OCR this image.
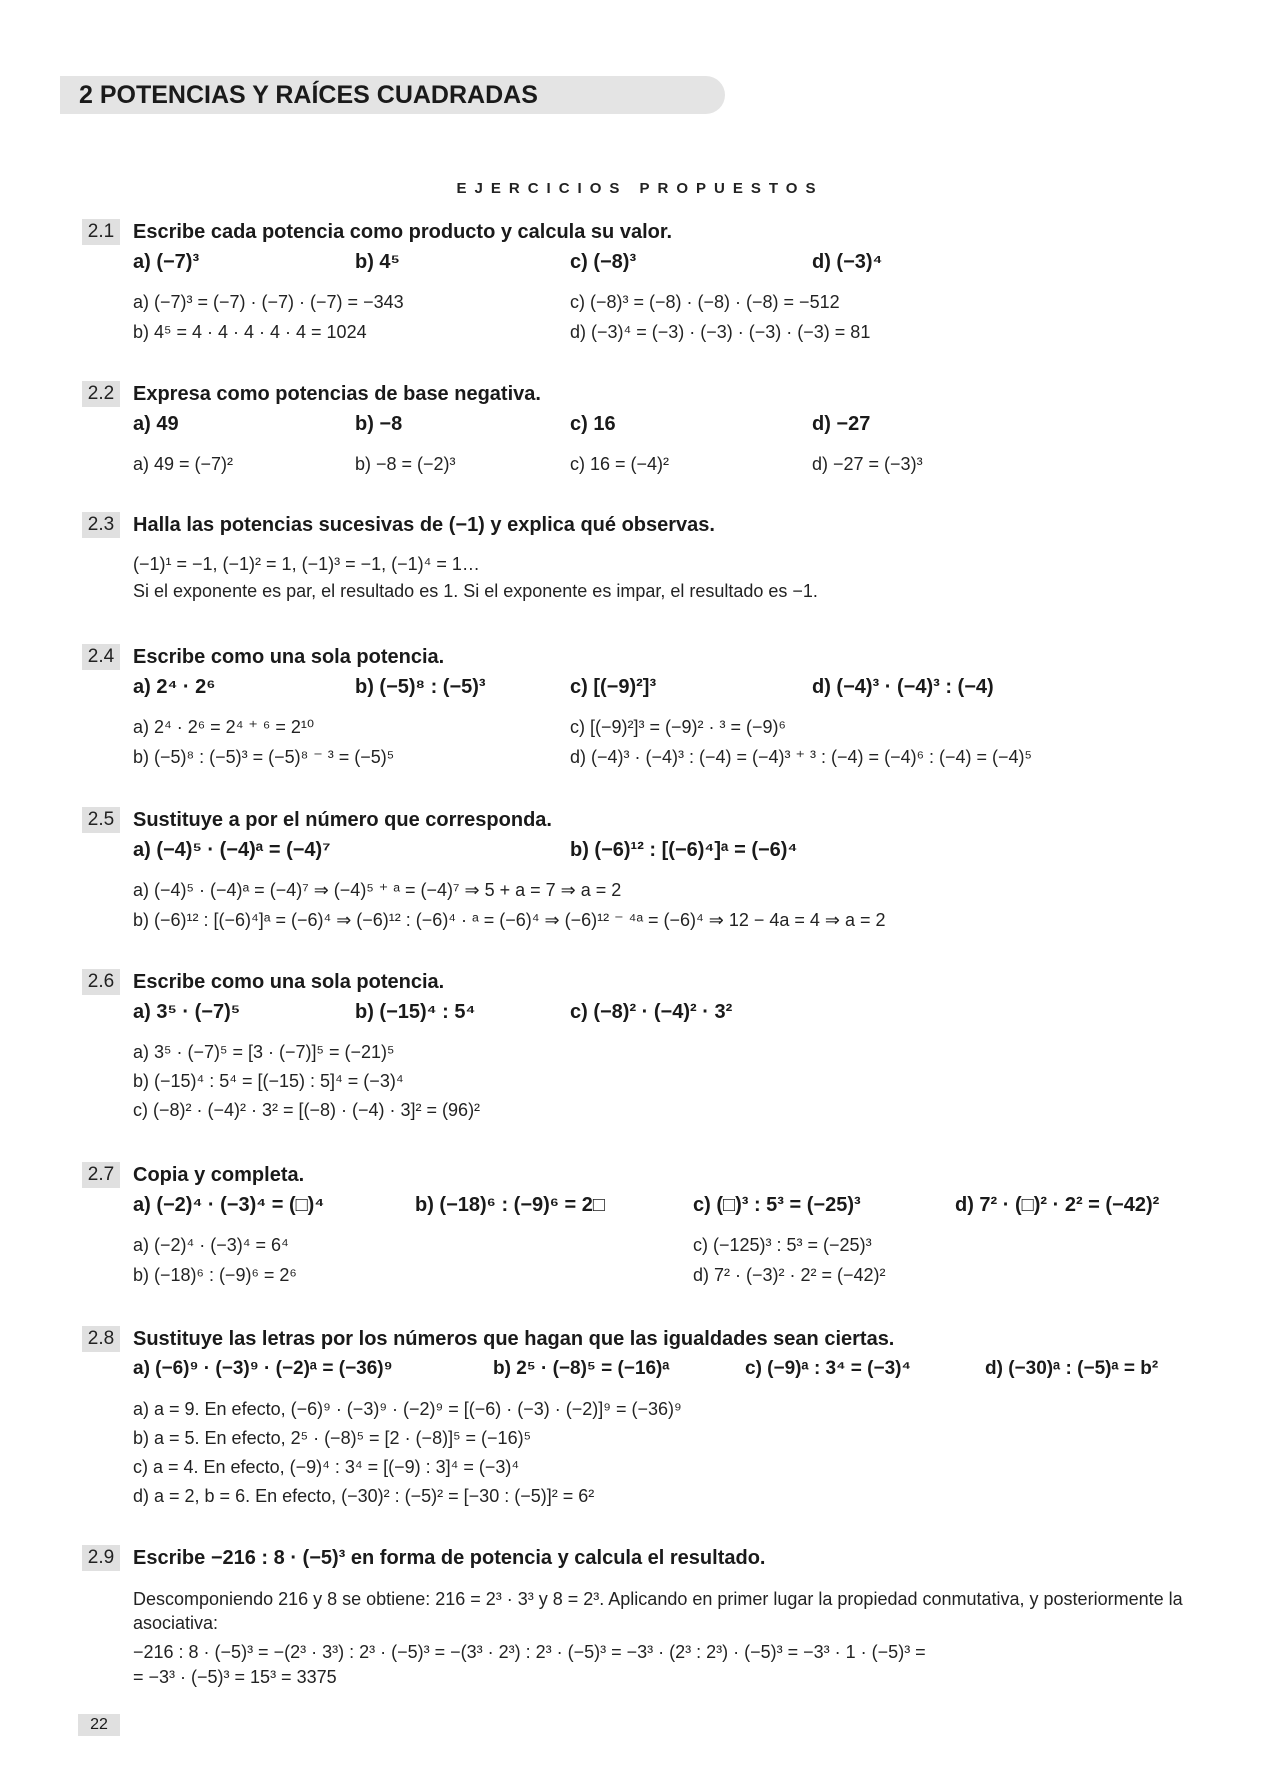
2 POTENCIAS Y RAÍCES CUADRADAS
EJERCICIOS PROPUESTOS
2.1 Escribe cada potencia como producto y calcula su valor.
a) (−7)³	b) 4⁵	c) (−8)³	d) (−3)⁴
a) (−7)³ = (−7) · (−7) · (−7) = −343	c) (−8)³ = (−8) · (−8) · (−8) = −512
b) 4⁵ = 4 · 4 · 4 · 4 · 4 = 1024	d) (−3)⁴ = (−3) · (−3) · (−3) · (−3) = 81
2.2 Expresa como potencias de base negativa.
a) 49	b) −8	c) 16	d) −27
a) 49 = (−7)²	b) −8 = (−2)³	c) 16 = (−4)²	d) −27 = (−3)³
2.3 Halla las potencias sucesivas de (−1) y explica qué observas.
(−1)¹ = −1, (−1)² = 1, (−1)³ = −1, (−1)⁴ = 1…
Si el exponente es par, el resultado es 1. Si el exponente es impar, el resultado es −1.
2.4 Escribe como una sola potencia.
a) 2⁴ · 2⁶	b) (−5)⁸ : (−5)³	c) [(−9)²]³	d) (−4)³ · (−4)³ : (−4)
a) 2⁴ · 2⁶ = 2⁴ ⁺ ⁶ = 2¹⁰	c) [(−9)²]³ = (−9)² · ³ = (−9)⁶
b) (−5)⁸ : (−5)³ = (−5)⁸ ⁻ ³ = (−5)⁵	d) (−4)³ · (−4)³ : (−4) = (−4)³ ⁺ ³ : (−4) = (−4)⁶ : (−4) = (−4)⁵
2.5 Sustituye a por el número que corresponda.
a) (−4)⁵ · (−4)ᵃ = (−4)⁷	b) (−6)¹² : [(−6)⁴]ᵃ = (−6)⁴
a) (−4)⁵ · (−4)ᵃ = (−4)⁷ ⇒ (−4)⁵ ⁺ ᵃ = (−4)⁷ ⇒ 5 + a = 7 ⇒ a = 2
b) (−6)¹² : [(−6)⁴]ᵃ = (−6)⁴ ⇒ (−6)¹² : (−6)⁴ · ᵃ = (−6)⁴ ⇒ (−6)¹² ⁻ ⁴ᵃ = (−6)⁴ ⇒ 12 − 4a = 4 ⇒ a = 2
2.6 Escribe como una sola potencia.
a) 3⁵ · (−7)⁵	b) (−15)⁴ : 5⁴	c) (−8)² · (−4)² · 3²
a) 3⁵ · (−7)⁵ = [3 · (−7)]⁵ = (−21)⁵
b) (−15)⁴ : 5⁴ = [(−15) : 5]⁴ = (−3)⁴
c) (−8)² · (−4)² · 3² = [(−8) · (−4) · 3]² = (96)²
2.7 Copia y completa.
a) (−2)⁴ · (−3)⁴ = (□)⁴	b) (−18)⁶ : (−9)⁶ = 2□	c) (□)³ : 5³ = (−25)³	d) 7² · (□)² · 2² = (−42)²
a) (−2)⁴ · (−3)⁴ = 6⁴	c) (−125)³ : 5³ = (−25)³
b) (−18)⁶ : (−9)⁶ = 2⁶	d) 7² · (−3)² · 2² = (−42)²
2.8 Sustituye las letras por los números que hagan que las igualdades sean ciertas.
a) (−6)⁹ · (−3)⁹ · (−2)ᵃ = (−36)⁹	b) 2⁵ · (−8)⁵ = (−16)ᵃ	c) (−9)ᵃ : 3⁴ = (−3)⁴	d) (−30)ᵃ : (−5)ᵃ = b²
a) a = 9. En efecto, (−6)⁹ · (−3)⁹ · (−2)⁹ = [(−6) · (−3) · (−2)]⁹ = (−36)⁹
b) a = 5. En efecto, 2⁵ · (−8)⁵ = [2 · (−8)]⁵ = (−16)⁵
c) a = 4. En efecto, (−9)⁴ : 3⁴ = [(−9) : 3]⁴ = (−3)⁴
d) a = 2, b = 6. En efecto, (−30)² : (−5)² = [−30 : (−5)]² = 6²
2.9 Escribe −216 : 8 · (−5)³ en forma de potencia y calcula el resultado.
Descomponiendo 216 y 8 se obtiene: 216 = 2³ · 3³ y 8 = 2³. Aplicando en primer lugar la propiedad conmutativa, y posteriormente la asociativa:
−216 : 8 · (−5)³ = −(2³ · 3³) : 2³ · (−5)³ = −(3³ · 2³) : 2³ · (−5)³ = −3³ · (2³ : 2³) · (−5)³ = −3³ · 1 · (−5)³ =
= −3³ · (−5)³ = 15³ = 3375
22
